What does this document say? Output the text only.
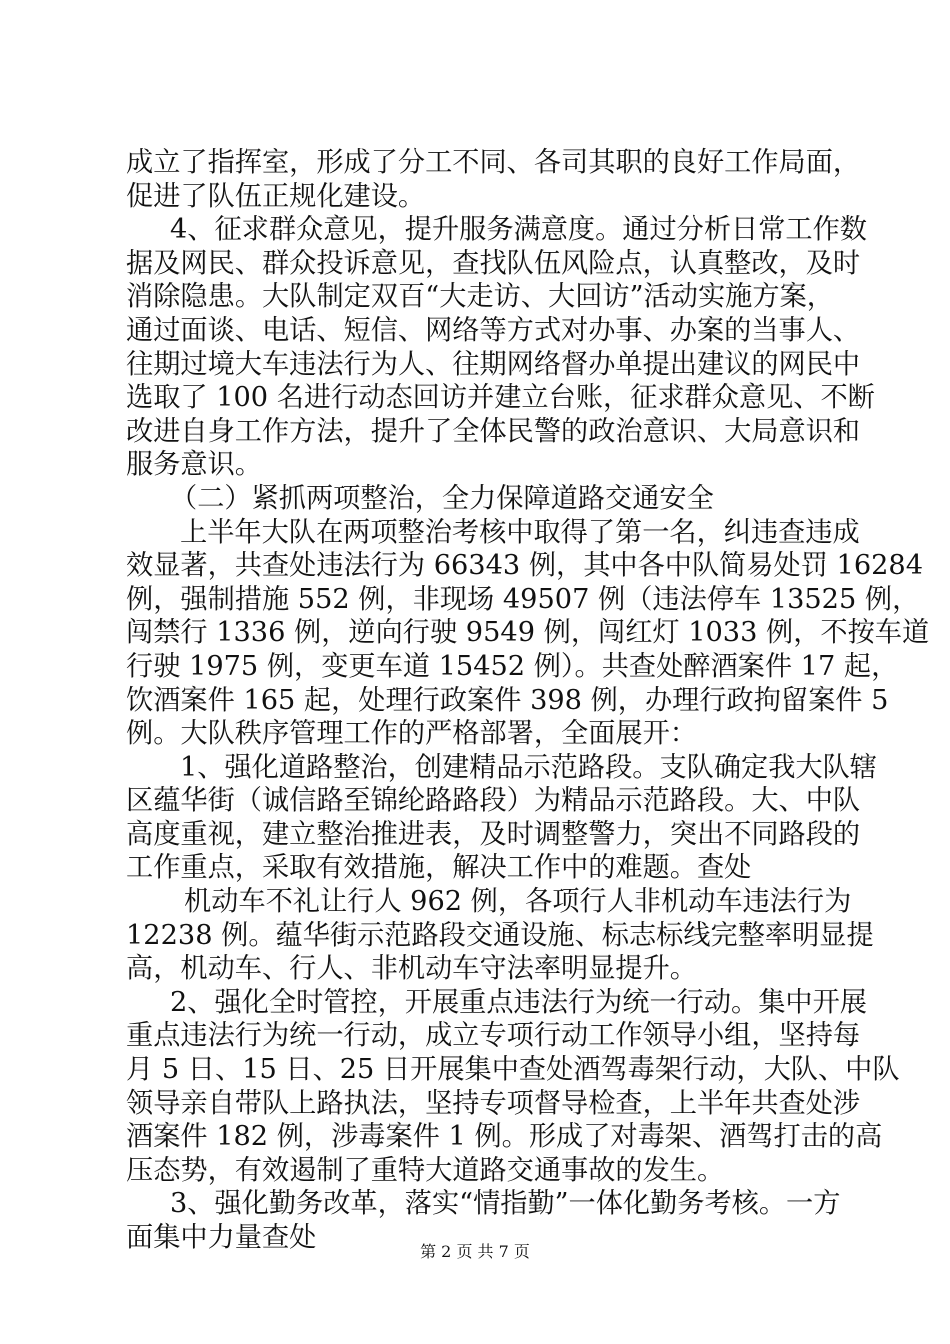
成立了指挥室，形成了分工不同、各司其职的良好工作局面，
促进了队伍正规化建设。
4、征求群众意见，提升服务满意度。通过分析日常工作数
据及网民、群众投诉意见，查找队伍风险点，认真整改，及时
消除隐患。大队制定双百“大走访、大回访”活动实施方案，
通过面谈、电话、短信、网络等方式对办事、办案的当事人、
往期过境大车违法行为人、往期网络督办单提出建议的网民中
选取了 100 名进行动态回访并建立台账，征求群众意见、不断
改进自身工作方法，提升了全体民警的政治意识、大局意识和
服务意识。
（二）紧抓两项整治，全力保障道路交通安全
上半年大队在两项整治考核中取得了第一名，纠违查违成
效显著，共查处违法行为 66343 例，其中各中队简易处罚 16284
例，强制措施 552 例，非现场 49507 例（违法停车 13525 例，
闯禁行 1336 例，逆向行驶 9549 例，闯红灯 1033 例，不按车道
行驶 1975 例，变更车道 15452 例）。共查处醉酒案件 17 起，
饮酒案件 165 起，处理行政案件 398 例，办理行政拘留案件 5
例。大队秩序管理工作的严格部署，全面展开：
1、强化道路整治，创建精品示范路段。支队确定我大队辖
区蕴华街（诚信路至锦纶路路段）为精品示范路段。大、中队
高度重视，建立整治推进表，及时调整警力，突出不同路段的
工作重点，采取有效措施，解决工作中的难题。查处
机动车不礼让行人 962 例，各项行人非机动车违法行为
12238 例。蕴华街示范路段交通设施、标志标线完整率明显提
高，机动车、行人、非机动车守法率明显提升。
2、强化全时管控，开展重点违法行为统一行动。集中开展
重点违法行为统一行动，成立专项行动工作领导小组，坚持每
月 5 日、15 日、25 日开展集中查处酒驾毒架行动，大队、中队
领导亲自带队上路执法，坚持专项督导检查，上半年共查处涉
酒案件 182 例，涉毒案件 1 例。形成了对毒架、酒驾打击的高
压态势，有效遏制了重特大道路交通事故的发生。
3、强化勤务改革，落实“情指勤”一体化勤务考核。一方
面集中力量查处	第 2 页 共 7 页
